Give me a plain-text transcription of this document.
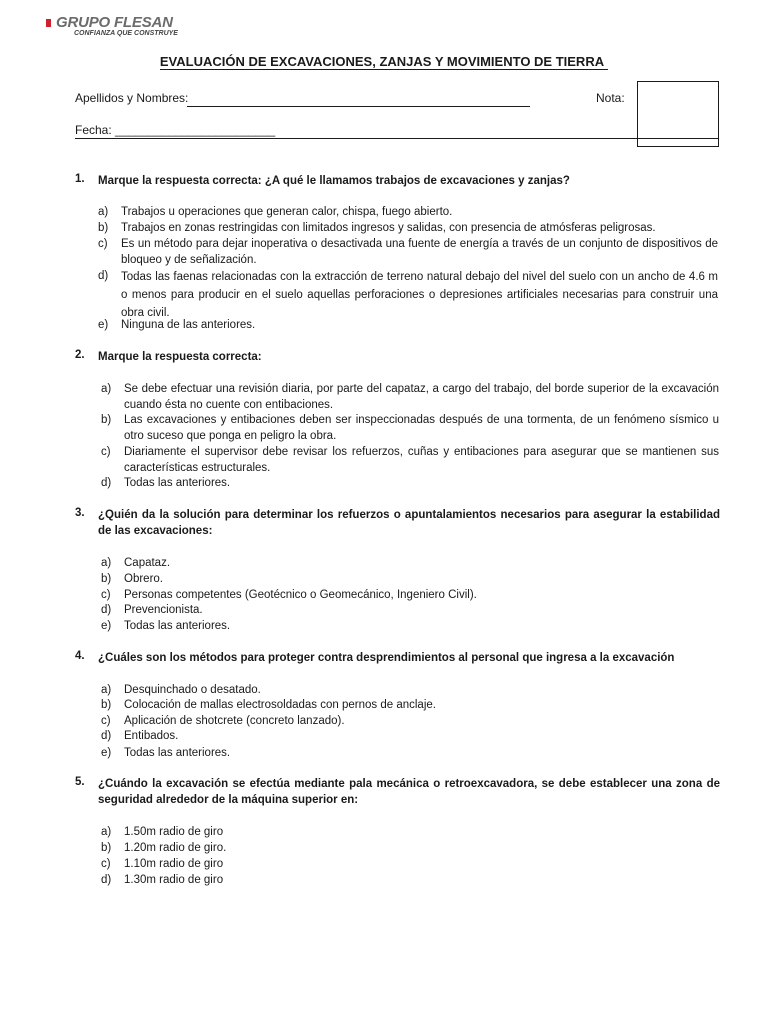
GRUPO FLESAN
CONFIANZA QUE CONSTRUYE
EVALUACIÓN DE EXCAVACIONES, ZANJAS Y MOVIMIENTO DE TIERRA
Apellidos y Nombres:	Nota:
Fecha: ________________________
1. Marque la respuesta correcta: ¿A qué le llamamos trabajos de excavaciones y zanjas?
a) Trabajos u operaciones que generan calor, chispa, fuego abierto.
b) Trabajos en zonas restringidas con limitados ingresos y salidas, con presencia de atmósferas peligrosas.
c) Es un método para dejar inoperativa o desactivada una fuente de energía a través de un conjunto de dispositivos de bloqueo y de señalización.
d) Todas las faenas relacionadas con la extracción de terreno natural debajo del nivel del suelo con un ancho de 4.6 m o menos para producir en el suelo aquellas perforaciones o depresiones artificiales necesarias para construir una obra civil.
e) Ninguna de las anteriores.
2. Marque la respuesta correcta:
a) Se debe efectuar una revisión diaria, por parte del capataz, a cargo del trabajo, del borde superior de la excavación cuando ésta no cuente con entibaciones.
b) Las excavaciones y entibaciones deben ser inspeccionadas después de una tormenta, de un fenómeno sísmico u otro suceso que ponga en peligro la obra.
c) Diariamente el supervisor debe revisar los refuerzos, cuñas y entibaciones para asegurar que se mantienen sus características estructurales.
d) Todas las anteriores.
3. ¿Quién da la solución para determinar los refuerzos o apuntalamientos necesarios para asegurar la estabilidad de las excavaciones:
a) Capataz.
b) Obrero.
c) Personas competentes (Geotécnico o Geomecánico, Ingeniero Civil).
d) Prevencionista.
e) Todas las anteriores.
4. ¿Cuáles son los métodos para proteger contra desprendimientos al personal que ingresa a la excavación
a) Desquinchado o desatado.
b) Colocación de mallas electrosoldadas con pernos de anclaje.
c) Aplicación de shotcrete (concreto lanzado).
d) Entibados.
e) Todas las anteriores.
5. ¿Cuándo la excavación se efectúa mediante pala mecánica o retroexcavadora, se debe establecer una zona de seguridad alrededor de la máquina superior en:
a) 1.50m radio de giro
b) 1.20m radio de giro.
c) 1.10m radio de giro
d) 1.30m radio de giro
